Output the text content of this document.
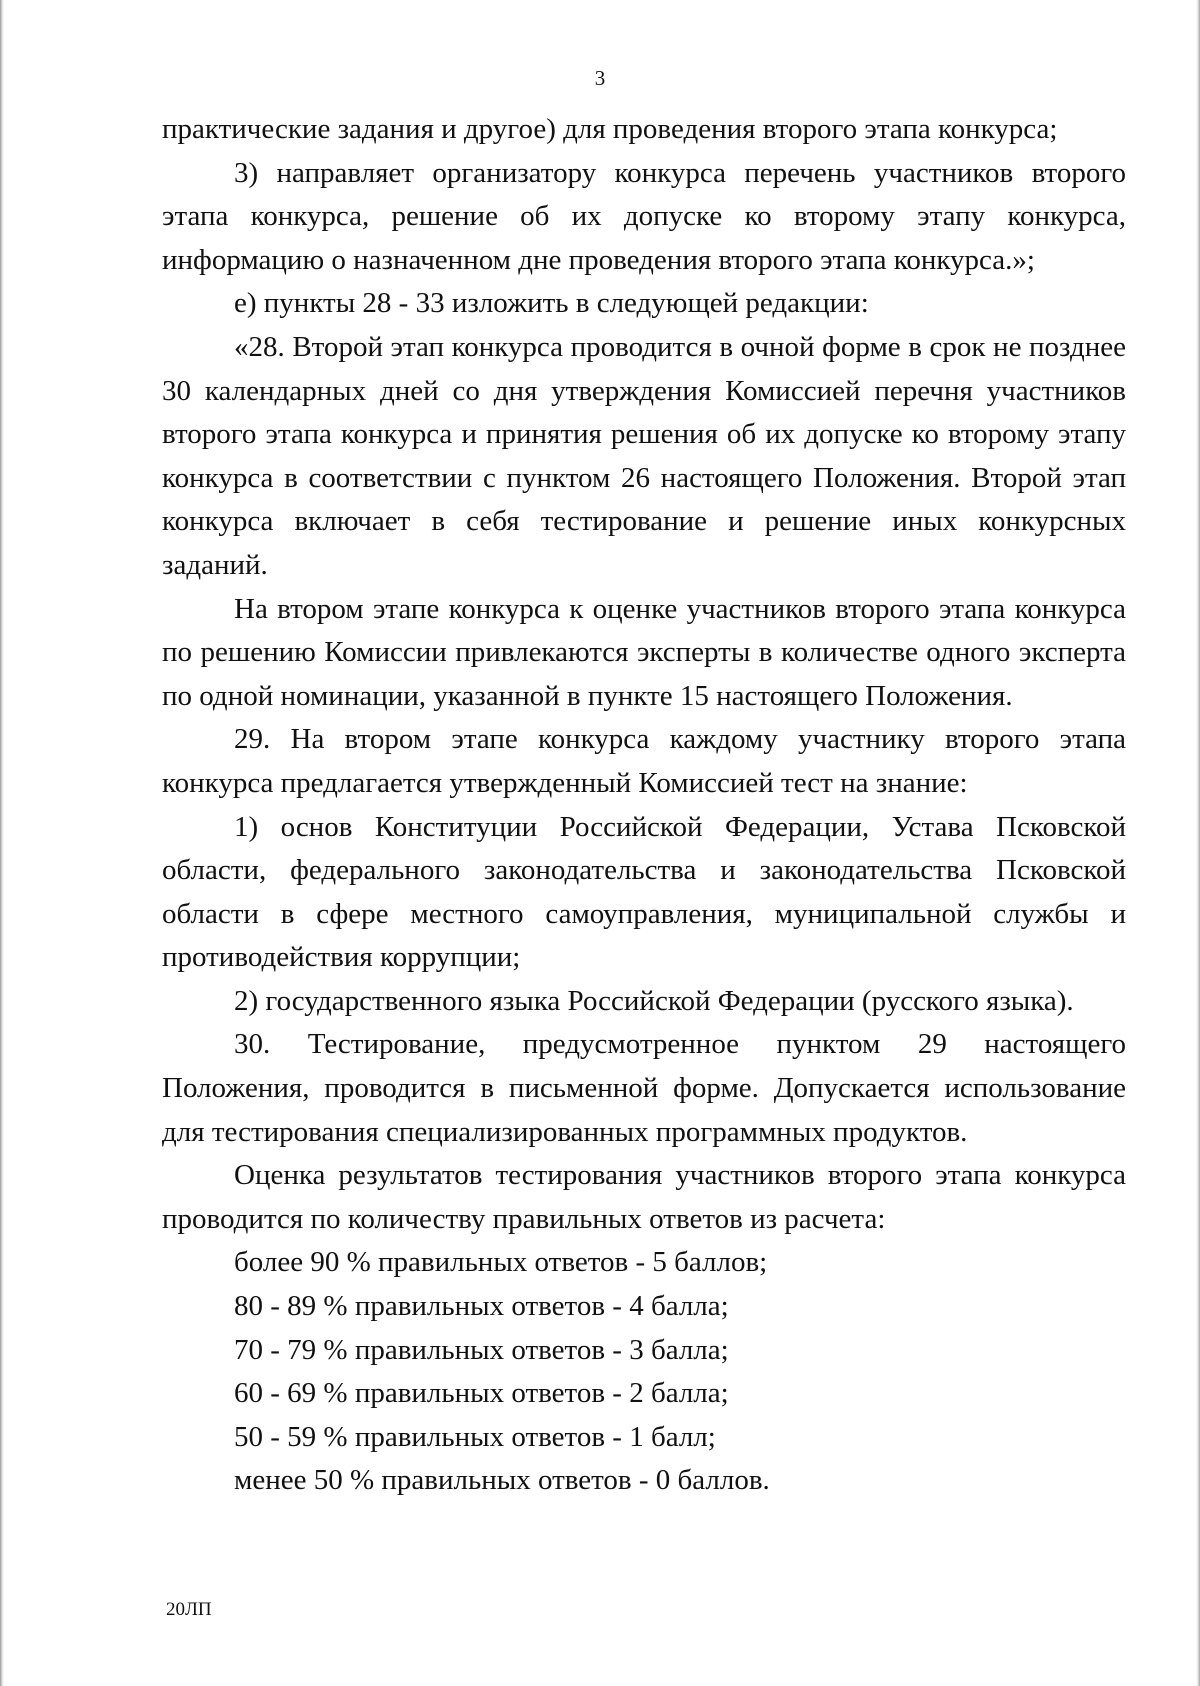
3

практические задания и другое) для проведения второго этапа конкурса;

3) направляет организатору конкурса перечень участников второго этапа конкурса, решение об их допуске ко второму этапу конкурса, информацию о назначенном дне проведения второго этапа конкурса.»;

е) пункты 28 - 33 изложить в следующей редакции:

«28. Второй этап конкурса проводится в очной форме в срок не позднее 30 календарных дней со дня утверждения Комиссией перечня участников второго этапа конкурса и принятия решения об их допуске ко второму этапу конкурса в соответствии с пунктом 26 настоящего Положения. Второй этап конкурса включает в себя тестирование и решение иных конкурсных заданий.

На втором этапе конкурса к оценке участников второго этапа конкурса по решению Комиссии привлекаются эксперты в количестве одного эксперта по одной номинации, указанной в пункте 15 настоящего Положения.

29. На втором этапе конкурса каждому участнику второго этапа конкурса предлагается утвержденный Комиссией тест на знание:

1) основ Конституции Российской Федерации, Устава Псковской области, федерального законодательства и законодательства Псковской области в сфере местного самоуправления, муниципальной службы и противодействия коррупции;

2) государственного языка Российской Федерации (русского языка).

30. Тестирование, предусмотренное пунктом 29 настоящего Положения, проводится в письменной форме. Допускается использование для тестирования специализированных программных продуктов.

Оценка результатов тестирования участников второго этапа конкурса проводится по количеству правильных ответов из расчета:

более 90 % правильных ответов - 5 баллов;

80 - 89 % правильных ответов - 4 балла;

70 - 79 % правильных ответов - 3 балла;

60 - 69 % правильных ответов - 2 балла;

50 - 59 % правильных ответов - 1 балл;

менее 50 % правильных ответов - 0 баллов.

20ЛП
